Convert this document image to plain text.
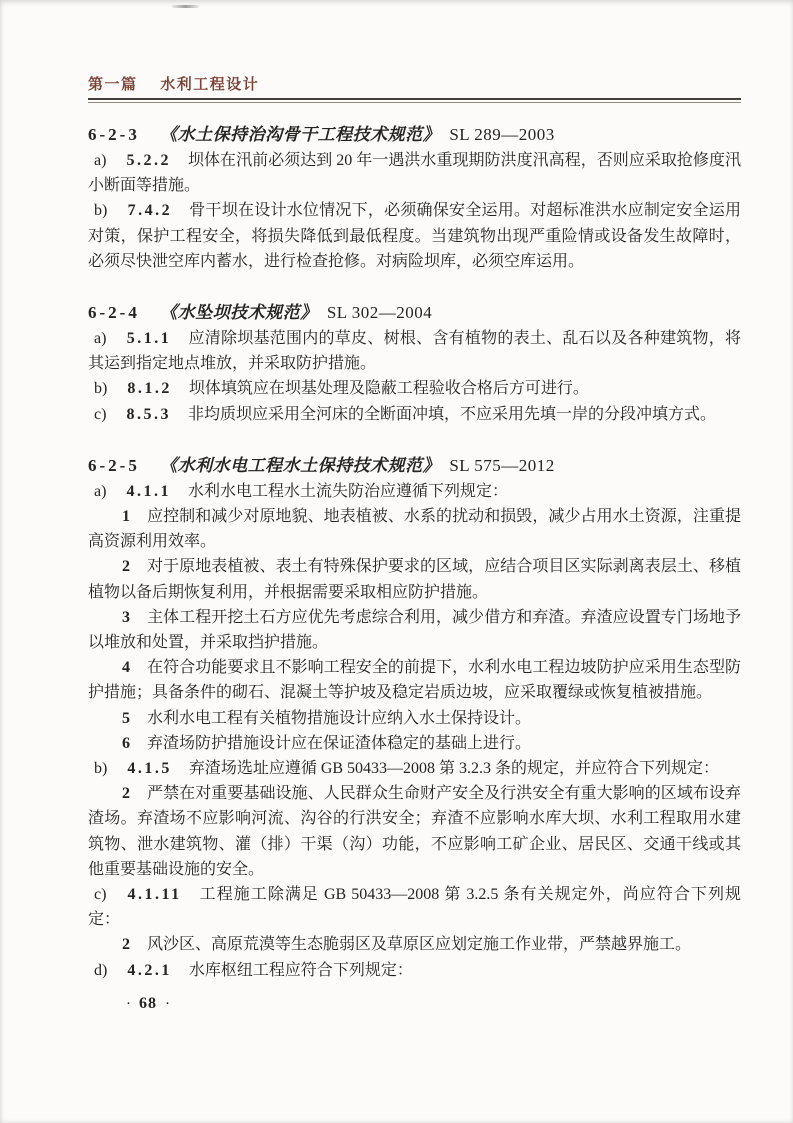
第一篇 水利工程设计
6-2-3 《水土保持治沟骨干工程技术规范》 SL 289—2003

a) 5.2.2 坝体在汛前必须达到 20 年一遇洪水重现期防洪度汛高程，否则应采取抢修度汛小断面等措施。

b) 7.4.2 骨干坝在设计水位情况下，必须确保安全运用。对超标准洪水应制定安全运用对策，保护工程安全，将损失降低到最低程度。当建筑物出现严重险情或设备发生故障时，必须尽快泄空库内蓄水，进行检查抢修。对病险坝库，必须空库运用。

6-2-4 《水坠坝技术规范》 SL 302—2004

a) 5.1.1 应清除坝基范围内的草皮、树根、含有植物的表土、乱石以及各种建筑物，将其运到指定地点堆放，并采取防护措施。

b) 8.1.2 坝体填筑应在坝基处理及隐蔽工程验收合格后方可进行。

c) 8.5.3 非均质坝应采用全河床的全断面冲填，不应采用先填一岸的分段冲填方式。

6-2-5 《水利水电工程水土保持技术规范》 SL 575—2012

a) 4.1.1 水利水电工程水土流失防治应遵循下列规定：

1 应控制和减少对原地貌、地表植被、水系的扰动和损毁，减少占用水土资源，注重提高资源利用效率。

2 对于原地表植被、表土有特殊保护要求的区域，应结合项目区实际剥离表层土、移植植物以备后期恢复利用，并根据需要采取相应防护措施。

3 主体工程开挖土石方应优先考虑综合利用，减少借方和弃渣。弃渣应设置专门场地予以堆放和处置，并采取挡护措施。

4 在符合功能要求且不影响工程安全的前提下，水利水电工程边坡防护应采用生态型防护措施；具备条件的砌石、混凝土等护坡及稳定岩质边坡，应采取覆绿或恢复植被措施。

5 水利水电工程有关植物措施设计应纳入水土保持设计。

6 弃渣场防护措施设计应在保证渣体稳定的基础上进行。

b) 4.1.5 弃渣场选址应遵循 GB 50433—2008 第 3.2.3 条的规定，并应符合下列规定：

2 严禁在对重要基础设施、人民群众生命财产安全及行洪安全有重大影响的区域布设弃渣场。弃渣场不应影响河流、沟谷的行洪安全；弃渣不应影响水库大坝、水利工程取用水建筑物、泄水建筑物、灌（排）干渠（沟）功能，不应影响工矿企业、居民区、交通干线或其他重要基础设施的安全。

c) 4.1.11 工程施工除满足 GB 50433—2008 第 3.2.5 条有关规定外，尚应符合下列规定：

2 风沙区、高原荒漠等生态脆弱区及草原区应划定施工作业带，严禁越界施工。

d) 4.2.1 水库枢纽工程应符合下列规定：

· 68 ·
